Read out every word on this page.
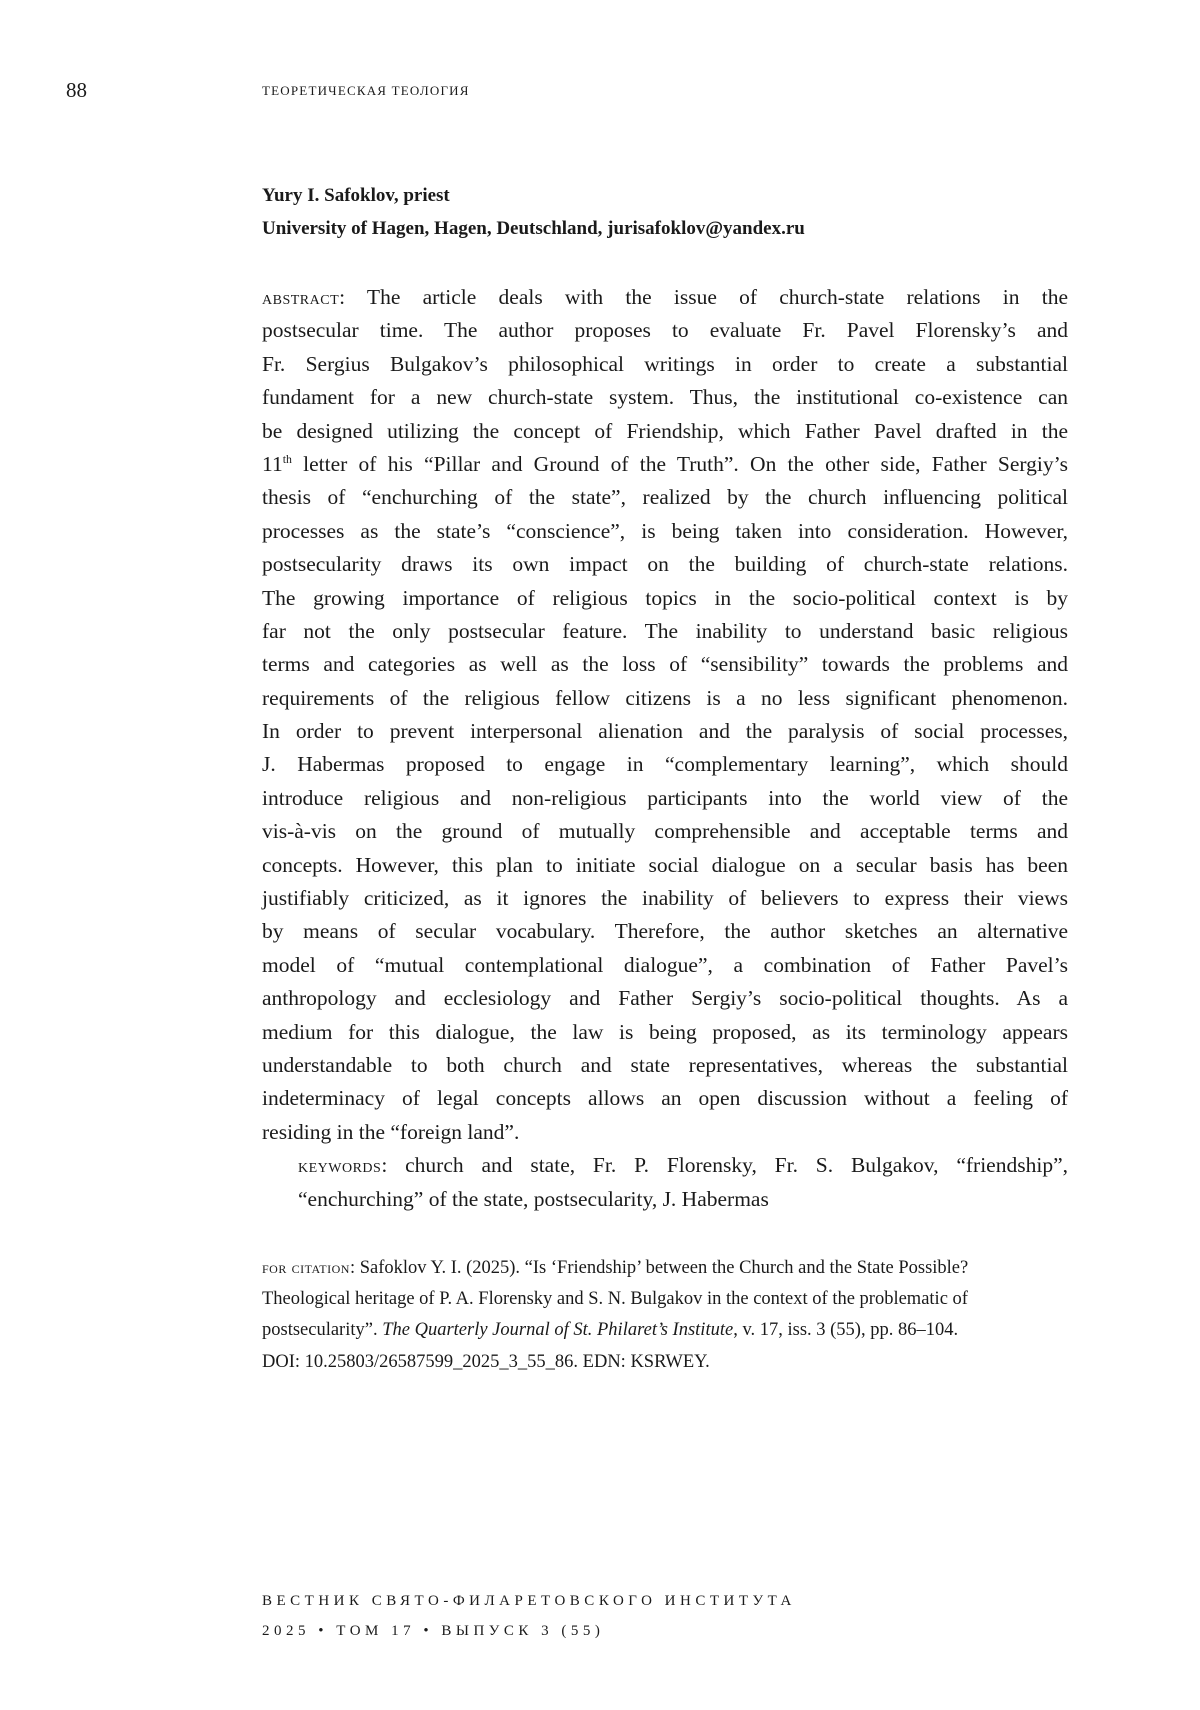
88	ТЕОРЕТИЧЕСКАЯ ТЕОЛОГИЯ
Yury I. Safoklov, priest
University of Hagen, Hagen, Deutschland, jurisafoklov@yandex.ru
abstract: The article deals with the issue of church-state relations in the
postsecular time. The author proposes to evaluate Fr. Pavel Florensky’s and
Fr. Sergius Bulgakov’s philosophical writings in order to create a substantial
fundament for a new church-state system. Thus, the institutional co-existence can
be designed utilizing the concept of Friendship, which Father Pavel drafted in the
11th letter of his “Pillar and Ground of the Truth”. On the other side, Father Sergiy’s
thesis of “enchurching of the state”, realized by the church influencing political
processes as the state’s “conscience”, is being taken into consideration. However,
postsecularity draws its own impact on the building of church-state relations.
The growing importance of religious topics in the socio-political context is by
far not the only postsecular feature. The inability to understand basic religious
terms and categories as well as the loss of “sensibility” towards the problems and
requirements of the religious fellow citizens is a no less significant phenomenon.
In order to prevent interpersonal alienation and the paralysis of social processes,
J. Habermas proposed to engage in “complementary learning”, which should
introduce religious and non-religious participants into the world view of the
vis-à-vis on the ground of mutually comprehensible and acceptable terms and
concepts. However, this plan to initiate social dialogue on a secular basis has been
justifiably criticized, as it ignores the inability of believers to express their views
by means of secular vocabulary. Therefore, the author sketches an alternative
model of “mutual contemplational dialogue”, a combination of Father Pavel’s
anthropology and ecclesiology and Father Sergiy’s socio-political thoughts. As a
medium for this dialogue, the law is being proposed, as its terminology appears
understandable to both church and state representatives, whereas the substantial
indeterminacy of legal concepts allows an open discussion without a feeling of
residing in the “foreign land”.
keywords: church and state, Fr. P. Florensky, Fr. S. Bulgakov, “friendship”,
“enchurching” of the state, postsecularity, J. Habermas
for citation: Safoklov Y. I. (2025). “Is ‘Friendship’ between the Church and the State Possible?
Theological heritage of P. A. Florensky and S. N. Bulgakov in the context of the problematic of
postsecularity”. The Quarterly Journal of St. Philaret’s Institute, v. 17, iss. 3 (55), pp. 86–104.
DOI: 10.25803/26587599_2025_3_55_86. EDN: KSRWEY.
ВЕСТНИК СВЯТО-ФИЛАРЕТОВСКОГО ИНСТИТУТА
2025 • ТОМ 17 • ВЫПУСК 3 (55)
